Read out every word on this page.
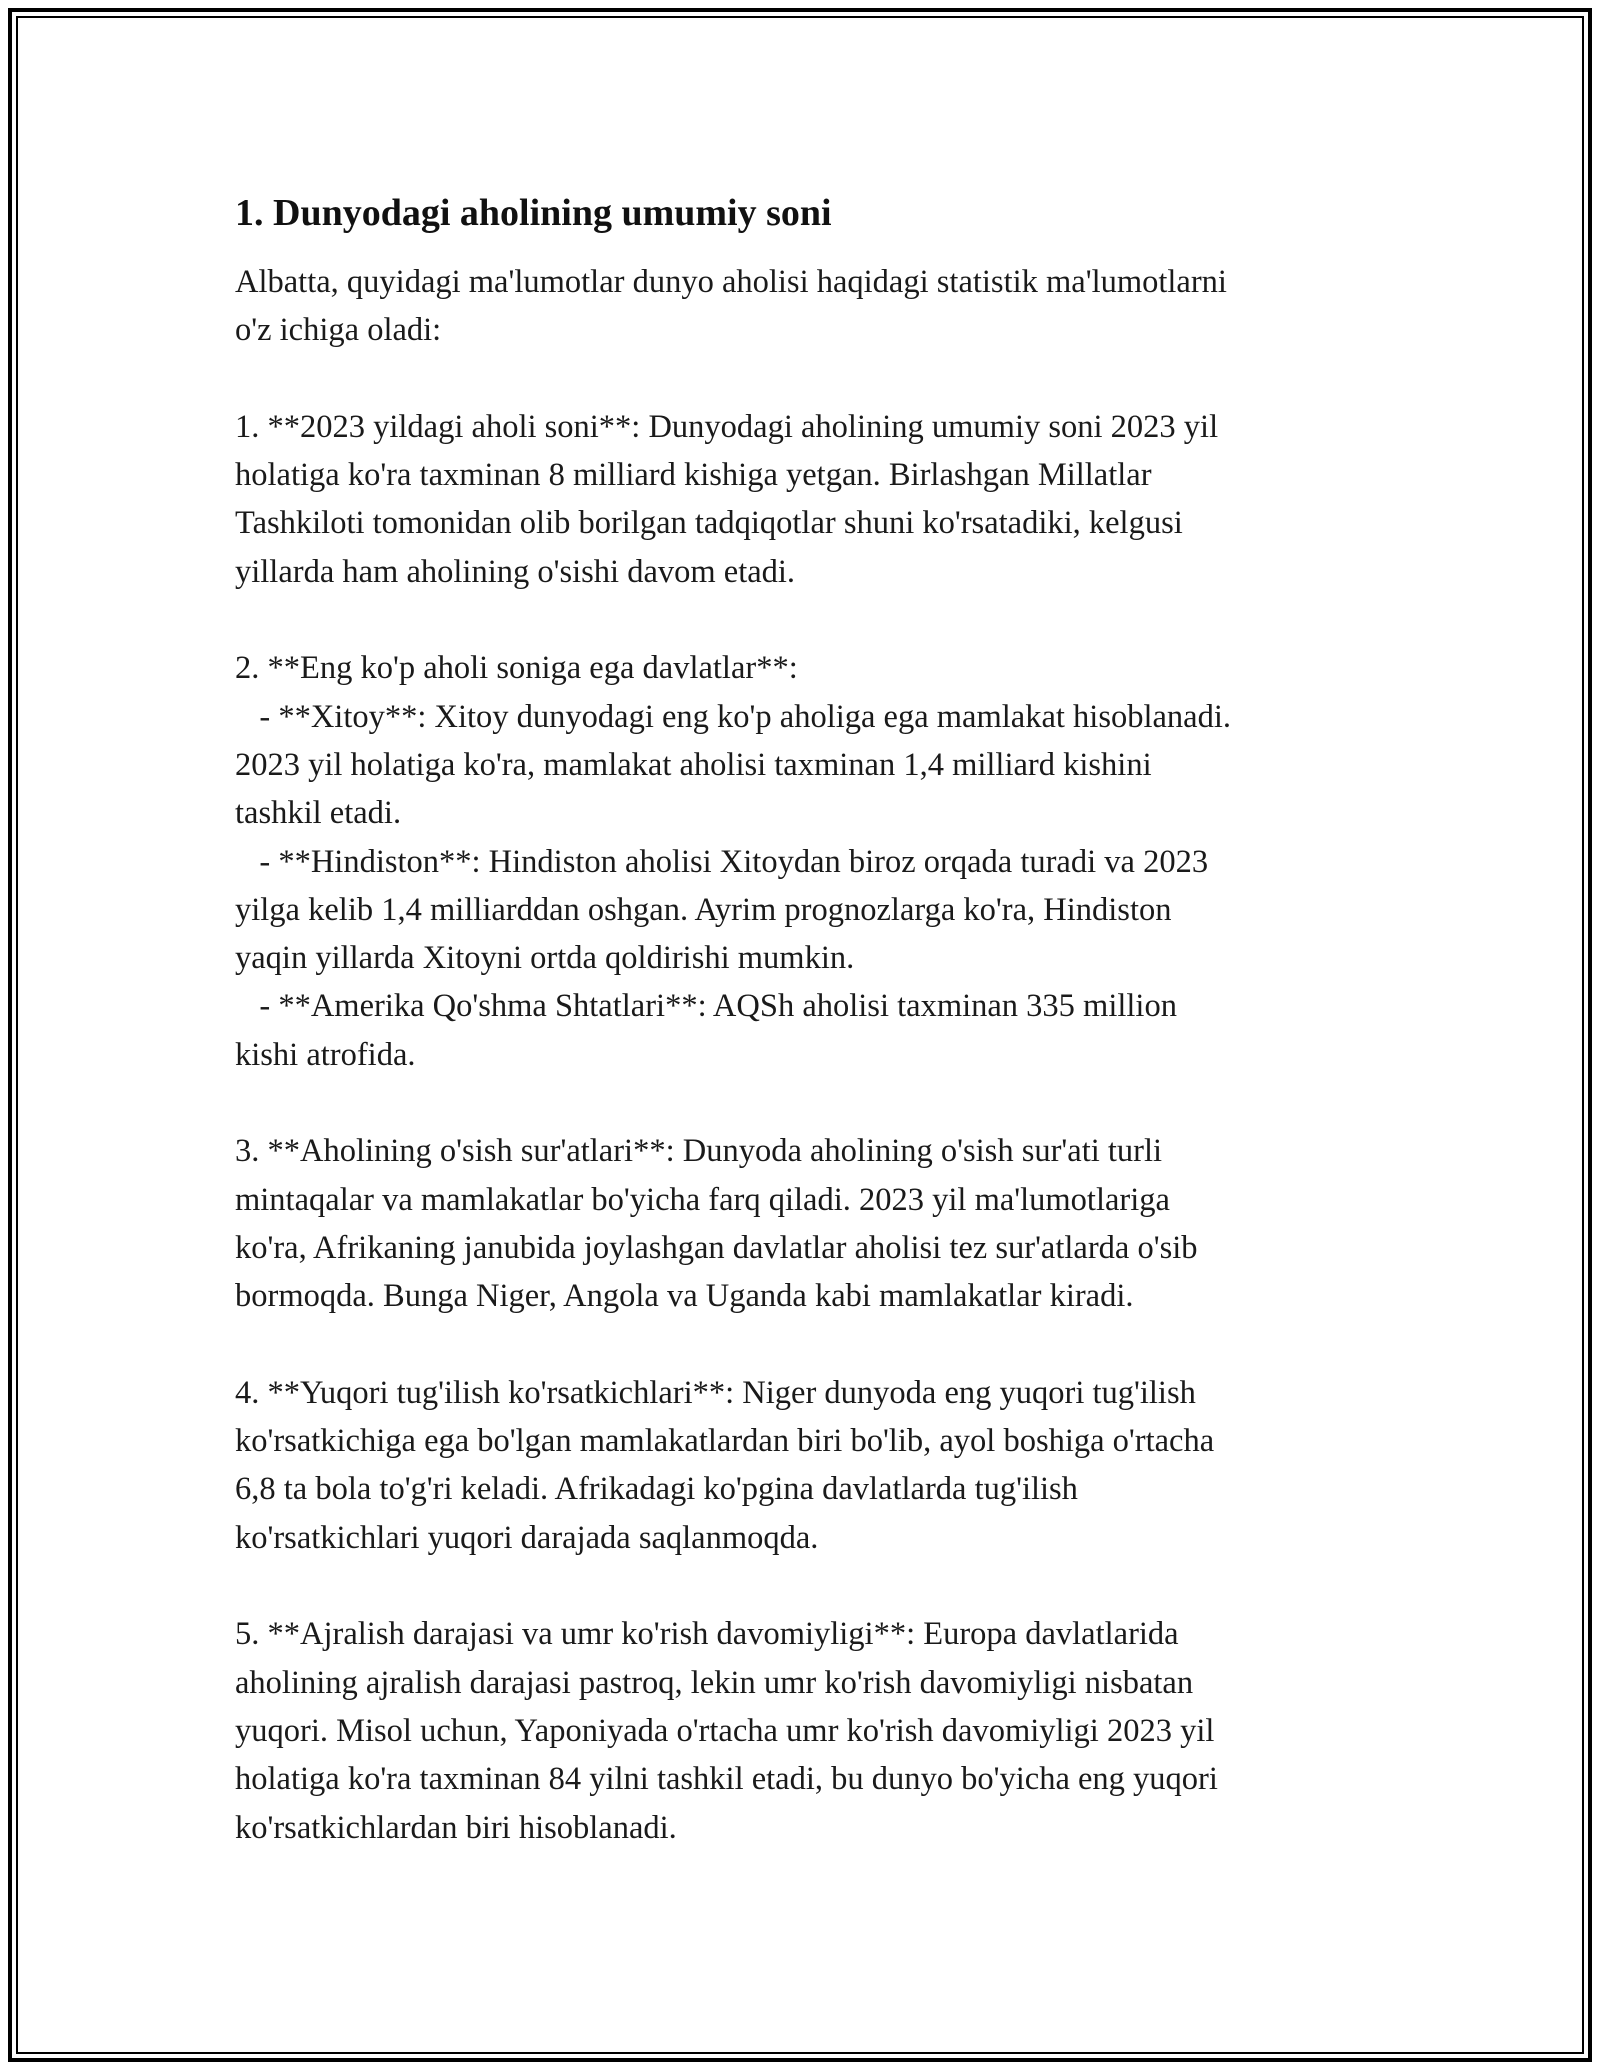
1. Dunyodagi aholining umumiy soni

Albatta, quyidagi ma'lumotlar dunyo aholisi haqidagi statistik ma'lumotlarni
o'z ichiga oladi:

1. **2023 yildagi aholi soni**: Dunyodagi aholining umumiy soni 2023 yil
holatiga ko'ra taxminan 8 milliard kishiga yetgan. Birlashgan Millatlar
Tashkiloti tomonidan olib borilgan tadqiqotlar shuni ko'rsatadiki, kelgusi
yillarda ham aholining o'sishi davom etadi.

2. **Eng ko'p aholi soniga ega davlatlar**:
- **Xitoy**: Xitoy dunyodagi eng ko'p aholiga ega mamlakat hisoblanadi.
2023 yil holatiga ko'ra, mamlakat aholisi taxminan 1,4 milliard kishini
tashkil etadi.
- **Hindiston**: Hindiston aholisi Xitoydan biroz orqada turadi va 2023
yilga kelib 1,4 milliarddan oshgan. Ayrim prognozlarga ko'ra, Hindiston
yaqin yillarda Xitoyni ortda qoldirishi mumkin.
- **Amerika Qo'shma Shtatlari**: AQSh aholisi taxminan 335 million
kishi atrofida.

3. **Aholining o'sish sur'atlari**: Dunyoda aholining o'sish sur'ati turli
mintaqalar va mamlakatlar bo'yicha farq qiladi. 2023 yil ma'lumotlariga
ko'ra, Afrikaning janubida joylashgan davlatlar aholisi tez sur'atlarda o'sib
bormoqda. Bunga Niger, Angola va Uganda kabi mamlakatlar kiradi.

4. **Yuqori tug'ilish ko'rsatkichlari**: Niger dunyoda eng yuqori tug'ilish
ko'rsatkichiga ega bo'lgan mamlakatlardan biri bo'lib, ayol boshiga o'rtacha
6,8 ta bola to'g'ri keladi. Afrikadagi ko'pgina davlatlarda tug'ilish
ko'rsatkichlari yuqori darajada saqlanmoqda.

5. **Ajralish darajasi va umr ko'rish davomiyligi**: Europa davlatlarida
aholining ajralish darajasi pastroq, lekin umr ko'rish davomiyligi nisbatan
yuqori. Misol uchun, Yaponiyada o'rtacha umr ko'rish davomiyligi 2023 yil
holatiga ko'ra taxminan 84 yilni tashkil etadi, bu dunyo bo'yicha eng yuqori
ko'rsatkichlardan biri hisoblanadi.
